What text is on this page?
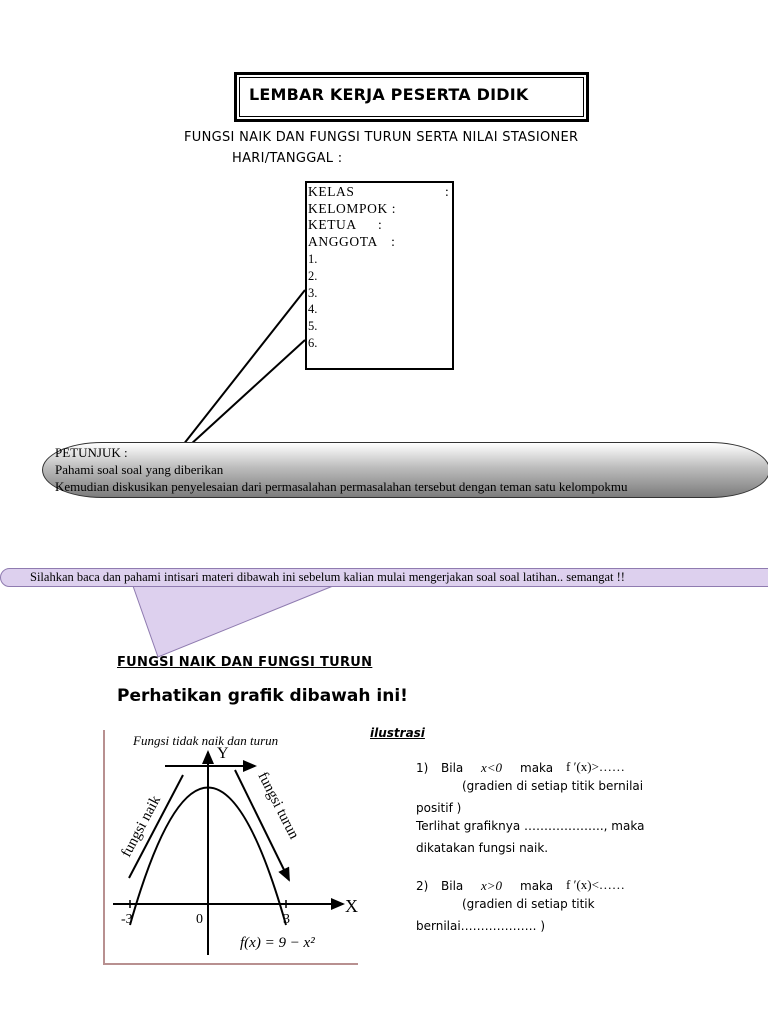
LEMBAR KERJA PESERTA DIDIK
FUNGSI NAIK DAN FUNGSI TURUN SERTA NILAI STASIONER
HARI/TANGGAL :
KELAS	:
KELOMPOK :
KETUA :
ANGGOTA :
1.
2.
3.
4.
5.
6.
PETUNJUK :
Pahami soal soal yang diberikan
Kemudian diskusikan penyelesaian dari permasalahan permasalahan tersebut dengan teman satu kelompokmu
Silahkan baca dan pahami intisari materi dibawah ini sebelum kalian mulai mengerjakan soal soal latihan.. semangat !!
FUNGSI NAIK DAN FUNGSI TURUN
Perhatikan grafik dibawah ini!
ilustrasi
Fungsi tidak naik dan turun
Y
X
-3	0	3
f(x) = 9 − x²
fungsi naik	fungsi turun
1) Bila x<0 maka f ′(x)>……
(gradien di setiap titik bernilai
positif )
Terlihat grafiknya ……………….., maka
dikatakan fungsi naik.
2) Bila x>0 maka f ′(x)<……
(gradien di setiap titik
bernilai………………. )
